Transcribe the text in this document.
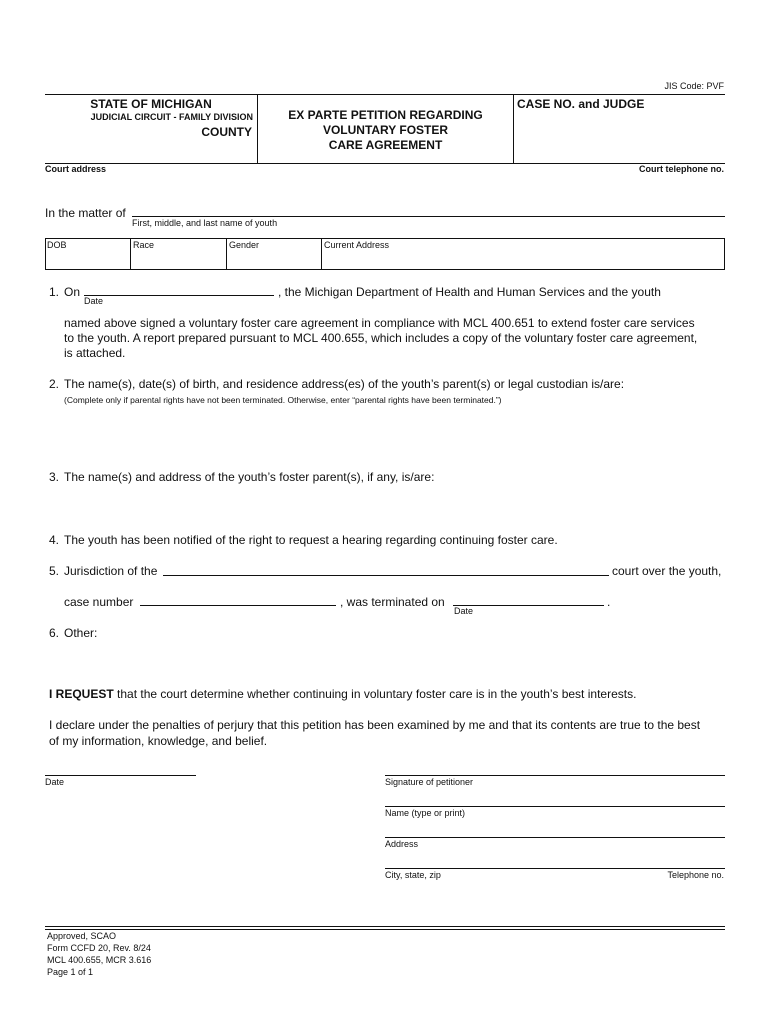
JIS Code: PVF
STATE OF MICHIGAN
JUDICIAL CIRCUIT - FAMILY DIVISION
COUNTY
EX PARTE PETITION REGARDING
VOLUNTARY FOSTER
CARE AGREEMENT
CASE NO. and JUDGE
Court address	Court telephone no.
In the matter of
First, middle, and last name of youth
DOB	Race	Gender	Current Address
1. On
Date
, the Michigan Department of Health and Human Services and the youth
named above signed a voluntary foster care agreement in compliance with MCL 400.651 to extend foster care services
to the youth. A report prepared pursuant to MCL 400.655, which includes a copy of the voluntary foster care agreement,
is attached.
2. The name(s), date(s) of birth, and residence address(es) of the youth’s parent(s) or legal custodian is/are:
(Complete only if parental rights have not been terminated. Otherwise, enter “parental rights have been terminated.”)
3. The name(s) and address of the youth’s foster parent(s), if any, is/are:
4. The youth has been notified of the right to request a hearing regarding continuing foster care.
5. Jurisdiction of the	court over the youth,
case number	, was terminated on
Date
.
6. Other:
I REQUEST that the court determine whether continuing in voluntary foster care is in the youth’s best interests.
I declare under the penalties of perjury that this petition has been examined by me and that its contents are true to the best
of my information, knowledge, and belief.
Date	Signature of petitioner
Name (type or print)
Address
City, state, zip	Telephone no.
Approved, SCAO
Form CCFD 20, Rev. 8/24
MCL 400.655, MCR 3.616
Page 1 of 1
